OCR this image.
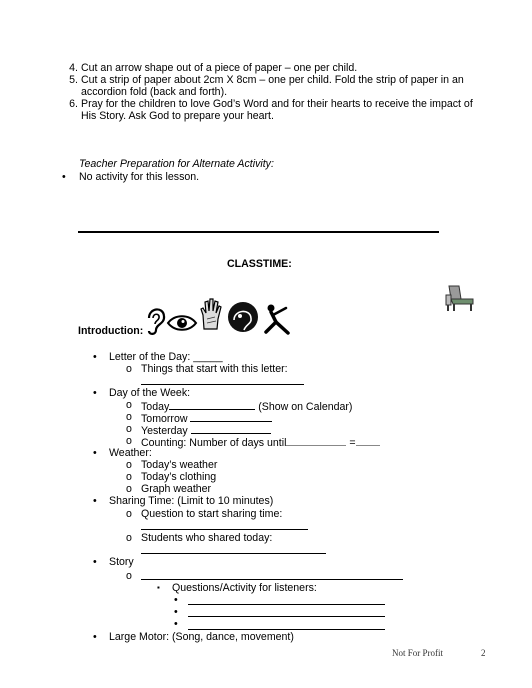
4. Cut an arrow shape out of a piece of paper – one per child.
5. Cut a strip of paper about 2cm X 8cm – one per child. Fold the strip of paper in an
accordion fold (back and forth).
6. Pray for the children to love God’s Word and for their hearts to receive the impact of
His Story. Ask God to prepare your heart.
Teacher Preparation for Alternate Activity:
• No activity for this lesson.
CLASSTIME:
Introduction:
• Letter of the Day: _____
o Things that start with this letter:
• Day of the Week:
o Today	(Show on Calendar)
o Tomorrow
o Yesterday
o Counting: Number of days until	=
• Weather:
o Today’s weather
o Today’s clothing
o Graph weather
• Sharing Time: (Limit to 10 minutes)
o Question to start sharing time:
o Students who shared today:
• Story
o
▪ Questions/Activity for listeners:
•
•
•
• Large Motor: (Song, dance, movement)
Not For Profit	2
